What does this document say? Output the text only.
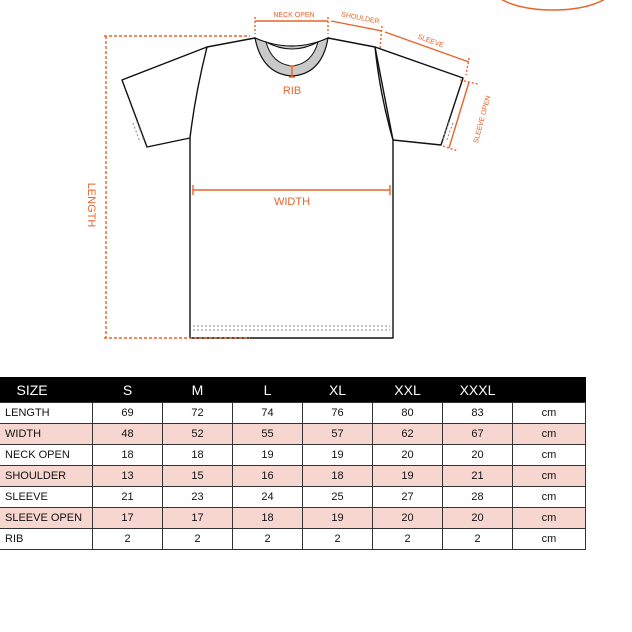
NECK OPEN	SHOULDER
SLEEVE
SLEEVE OPEN
RIB
WIDTH
LENGTH
SIZE	S	M	L	XL	XXL	XXXL	
LENGTH	69	72	74	76	80	83	cm
WIDTH	48	52	55	57	62	67	cm
NECK OPEN	18	18	19	19	20	20	cm
SHOULDER	13	15	16	18	19	21	cm
SLEEVE	21	23	24	25	27	28	cm
SLEEVE OPEN	17	17	18	19	20	20	cm
RIB	2	2	2	2	2	2	cm
